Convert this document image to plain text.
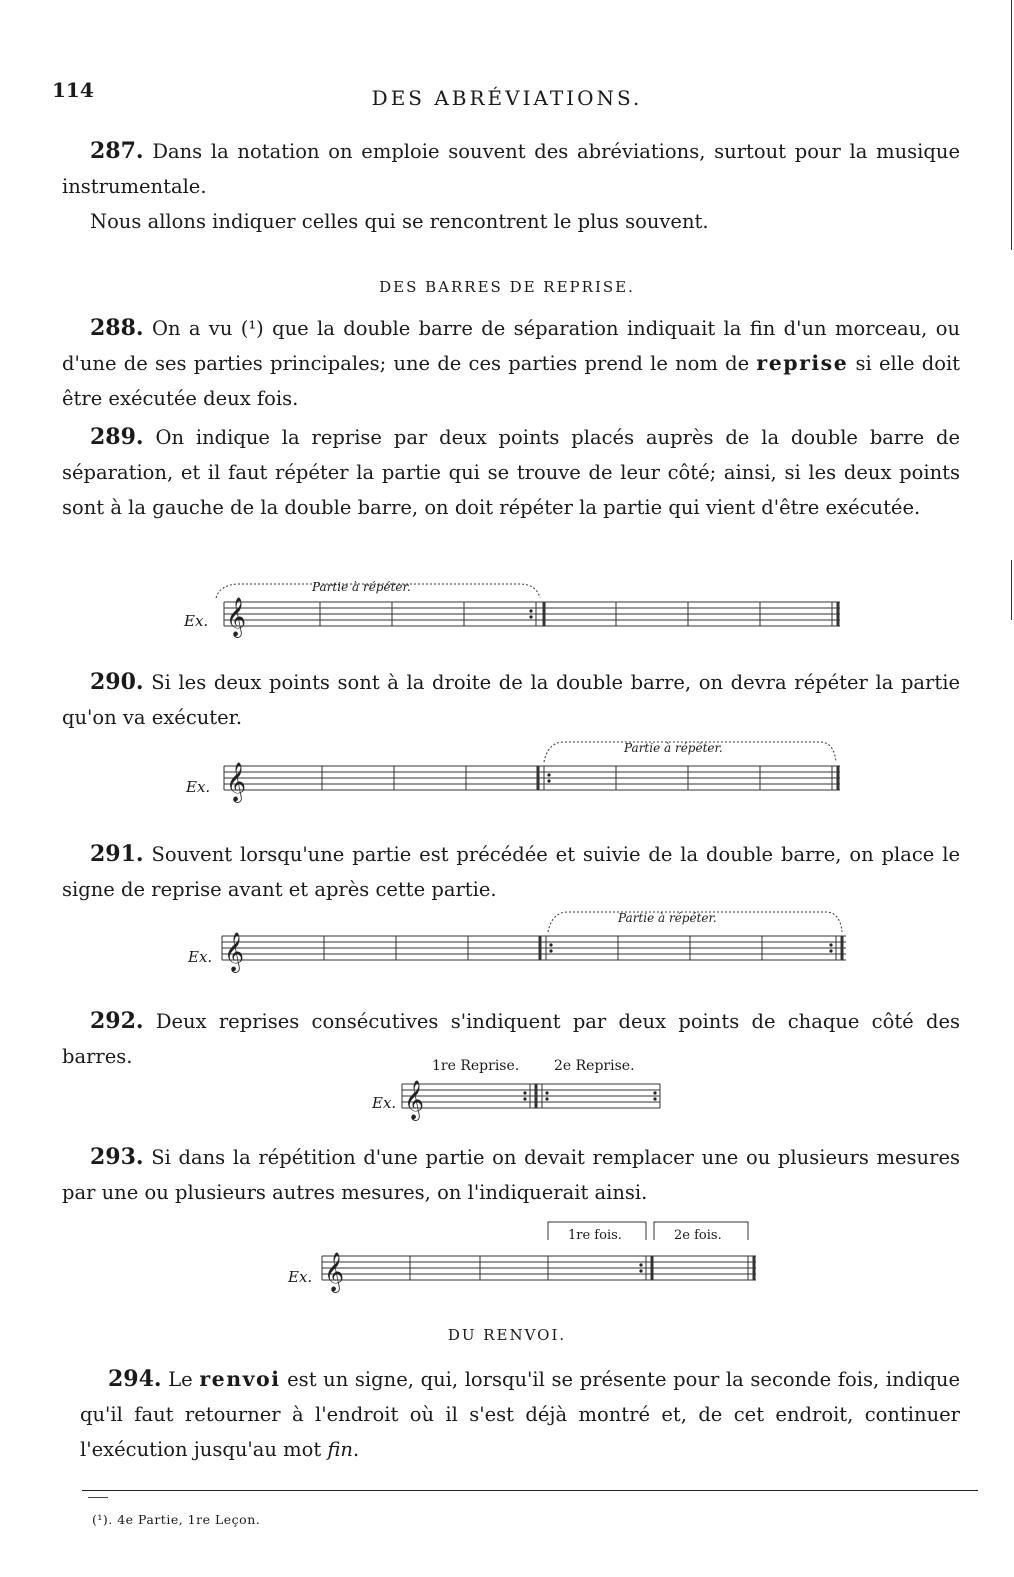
114	DES ABRÉVIATIONS.
287. Dans la notation on emploie souvent des abréviations, surtout pour la musique instrumentale.
Nous allons indiquer celles qui se rencontrent le plus souvent.
DES BARRES DE REPRISE.
288. On a vu (¹) que la double barre de séparation indiquait la fin d'un morceau, ou d'une de ses parties principales; une de ces parties prend le nom de reprise si elle doit être exécutée deux fois.
289. On indique la reprise par deux points placés auprès de la double barre de séparation, et il faut répéter la partie qui se trouve de leur côté; ainsi, si les deux points sont à la gauche de la double barre, on doit répéter la partie qui vient d'être exécutée.
Ex.
Partie à répéter.
𝄞
290. Si les deux points sont à la droite de la double barre, on devra répéter la partie qu'on va exécuter.
Ex.
Partie à répéter.
𝄞
291. Souvent lorsqu'une partie est précédée et suivie de la double barre, on place le signe de reprise avant et après cette partie.
Ex.
Partie à répéter.
𝄞
292. Deux reprises consécutives s'indiquent par deux points de chaque côté des barres.
Ex.
1re Reprise. 2e Reprise.
𝄞
293. Si dans la répétition d'une partie on devait remplacer une ou plusieurs mesures par une ou plusieurs autres mesures, on l'indiquerait ainsi.
Ex.
1re fois.	2e fois.
𝄞
DU RENVOI.
294. Le renvoi est un signe, qui, lorsqu'il se présente pour la seconde fois, indique qu'il faut retourner à l'endroit où il s'est déjà montré et, de cet endroit, continuer l'exécution jusqu'au mot fin.
(¹). 4e Partie, 1re Leçon.
